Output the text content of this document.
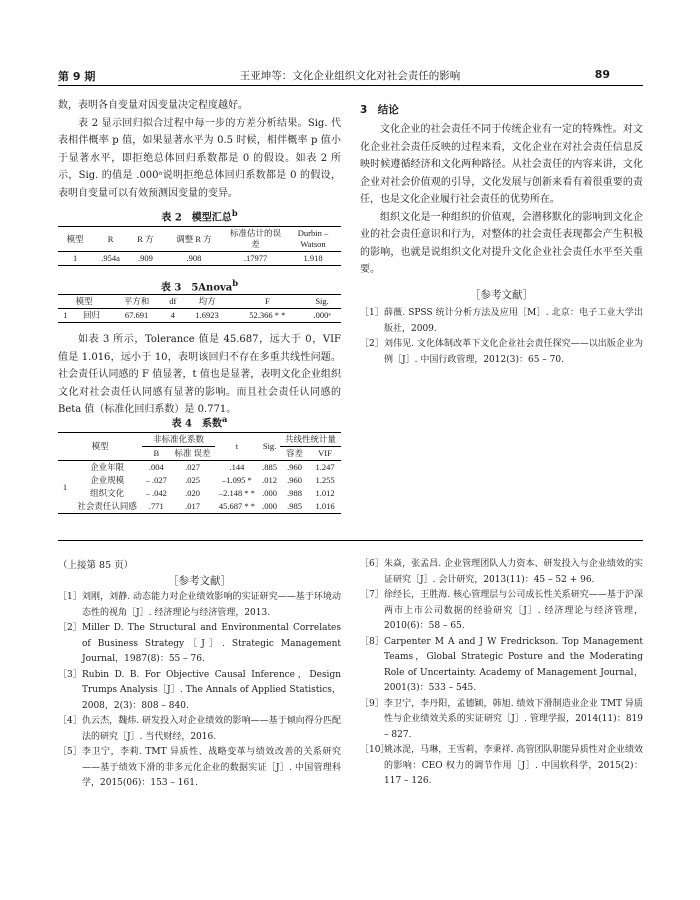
第 9 期	王亚坤等：文化企业组织文化对社会责任的影响	89

数，表明各自变量对因变量决定程度越好。

表 2 显示回归拟合过程中每一步的方差分析结果。Sig. 代表相伴概率 p 值，如果显著水平为 0.5 时候，相伴概率 p 值小于显著水平，即拒绝总体回归系数都是 0 的假设。如表 2 所示，Sig. 的值是 .000ᵃ说明拒绝总体回归系数都是 0 的假设，表明自变量可以有效预测因变量的变异。

表 2　模型汇总$^b$
模型	R	R 方	调整 R 方	标准估计的误差	Durbin – Watson
1	.954a	.909	.908	.17977	1.918
表 3　5Anova$^b$
模型		平方和	df	均方	F	Sig.
1	回归	67.691	4	1.6923	52.366 * *	.000ᵃ

如表 3 所示，Tolerance 值是 45.687，远大于 0，VIF 值是 1.016，远小于 10，表明该回归不存在多重共线性问题。社会责任认同感的 F 值显著，t 值也是显著，表明文化企业组织文化对社会责任认同感有显著的影响。而且社会责任认同感的 Beta 值（标准化回归系数）是 0.771。

表 4　系数$^a$
模型		非标准化系数		t	Sig.	共线性统计量	
		B	标准 误差			容差	VIF
1	企业年限	.004	.027	.144	.885	.960	1.247
	企业规模	– .027	.025	–1.095 *	.012	.960	1.255
	组织文化	– .042	.020	–2.148 * *	.000	.988	1.012
	社会责任认同感	.771	.017	45.687 * *	.000	.985	1.016
3　结论

文化企业的社会责任不同于传统企业有一定的特殊性。对文化企业社会责任反映的过程来看，文化企业在对社会责任信息反映时候遵循经济和文化两种路径。从社会责任的内容来讲，文化企业对社会价值观的引导，文化发展与创新来看有着很重要的责任，也是文化企业履行社会责任的优势所在。

组织文化是一种组织的价值观，会潜移默化的影响到文化企业的社会责任意识和行为，对整体的社会责任表现都会产生积极的影响，也就是说组织文化对提升文化企业社会责任水平至关重要。

［参考文献］
［1］ 薛薇. SPSS 统计分析方法及应用［M］. 北京：电子工业大学出版社，2009.
［2］ 刘伟见. 文化体制改革下文化企业社会责任探究——以出版企业为例［J］. 中国行政管理，2012(3)：65 – 70.
（上接第 85 页）
［参考文献］
［1］ 刘刚，刘静. 动态能力对企业绩效影响的实证研究——基于环境动态性的视角［J］. 经济理论与经济管理，2013.
［2］ Miller D. The Structural and Environmental Correlates of Business Strategy［J］. Strategic Management Journal，1987(8)：55 – 76.
［3］ Rubin D. B. For Objective Causal Inference，Design Trumps Analysis［J］. The Annals of Applied Statistics，2008，2(3)：808 – 840.
［4］ 仇云杰，魏炜. 研发投入对企业绩效的影响——基于倾向得分匹配法的研究［J］. 当代财经，2016.
［5］ 李卫宁，李莉. TMT 异质性、战略变革与绩效改善的关系研究——基于绩效下滑的非多元化企业的数据实证［J］. 中国管理科学，2015(06)：153 – 161.
［6］ 朱焱，张孟昌. 企业管理团队人力资本、研发投入与企业绩效的实证研究［J］. 会计研究，2013(11)：45 – 52 + 96.
［7］ 徐经长，王胜海. 核心管理层与公司成长性关系研究——基于沪深两市上市公司数据的经验研究［J］. 经济理论与经济管理，2010(6)：58 – 65.
［8］ Carpenter M A and J W Fredrickson. Top Management Teams，Global Strategic Posture and the Moderating Role of Uncertainty. Academy of Management Journal，2001(3)：533 – 545.
［9］ 李卫宁，李丹阳，孟德颖，韩旭. 绩效下滑制造业企业 TMT 异质性与企业绩效关系的实证研究［J］. 管理学报，2014(11)：819 – 827.
［10］
姚冰湜，马琳，王雪莉，李秉祥. 高管团队职能异质性对企业绩效的影响：CEO 权力的调节作用［J］. 中国软科学，2015(2)：117 – 126.
